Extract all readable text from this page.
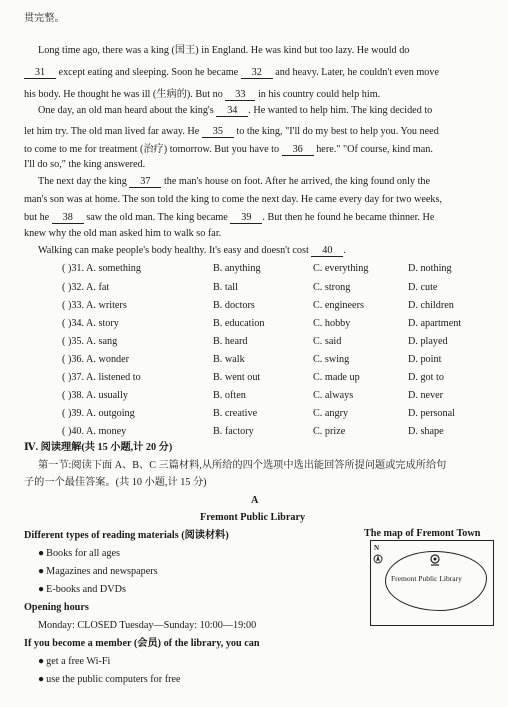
贯完整。
Long time ago, there was a king (国王) in England. He was kind but too lazy. He would do
31 except eating and sleeping. Soon he became 32 and heavy. Later, he couldn't even move
his body. He thought he was ill (生病的). But no 33 in his country could help him.
One day, an old man heard about the king's 34 . He wanted to help him. The king decided to
let him try. The old man lived far away. He 35 to the king, "I'll do my best to help you. You need
to come to me for treatment (治疗) tomorrow. But you have to 36 here." "Of course, kind man.
I'll do so," the king answered.
The next day the king 37 the man's house on foot. After he arrived, the king found only the
man's son was at home. The son told the king to come the next day. He came every day for two weeks,
but he 38 saw the old man. The king became 39 . But then he found he became thinner. He
knew why the old man asked him to walk so far.
Walking can make people's body healthy. It's easy and doesn't cost 40 .
( )31. A. something	B. anything	C. everything	D. nothing
( )32. A. fat	B. tall	C. strong	D. cute
( )33. A. writers	B. doctors	C. engineers	D. children
( )34. A. story	B. education	C. hobby	D. apartment
( )35. A. sang	B. heard	C. said	D. played
( )36. A. wonder	B. walk	C. swing	D. point
( )37. A. listened to	B. went out	C. made up	D. got to
( )38. A. usually	B. often	C. always	D. never
( )39. A. outgoing	B. creative	C. angry	D. personal
( )40. A. money	B. factory	C. prize	D. shape
Ⅳ. 阅读理解(共 15 小题,计 20 分)
第一节:阅读下面 A、B、C 三篇材料,从所给的四个选项中选出能回答所提问题或完成所给句
子的一个最佳答案。(共 10 小题,计 15 分)
A
Fremont Public Library
Different types of reading materials (阅读材料)
● Books for all ages
● Magazines and newspapers
● E-books and DVDs
Opening hours
Monday: CLOSED Tuesday—Sunday: 10:00—19:00
If you become a member (会员) of the library, you can
● get a free Wi-Fi
● use the public computers for free
The map of Fremont Town
N
Fremont Public Library
